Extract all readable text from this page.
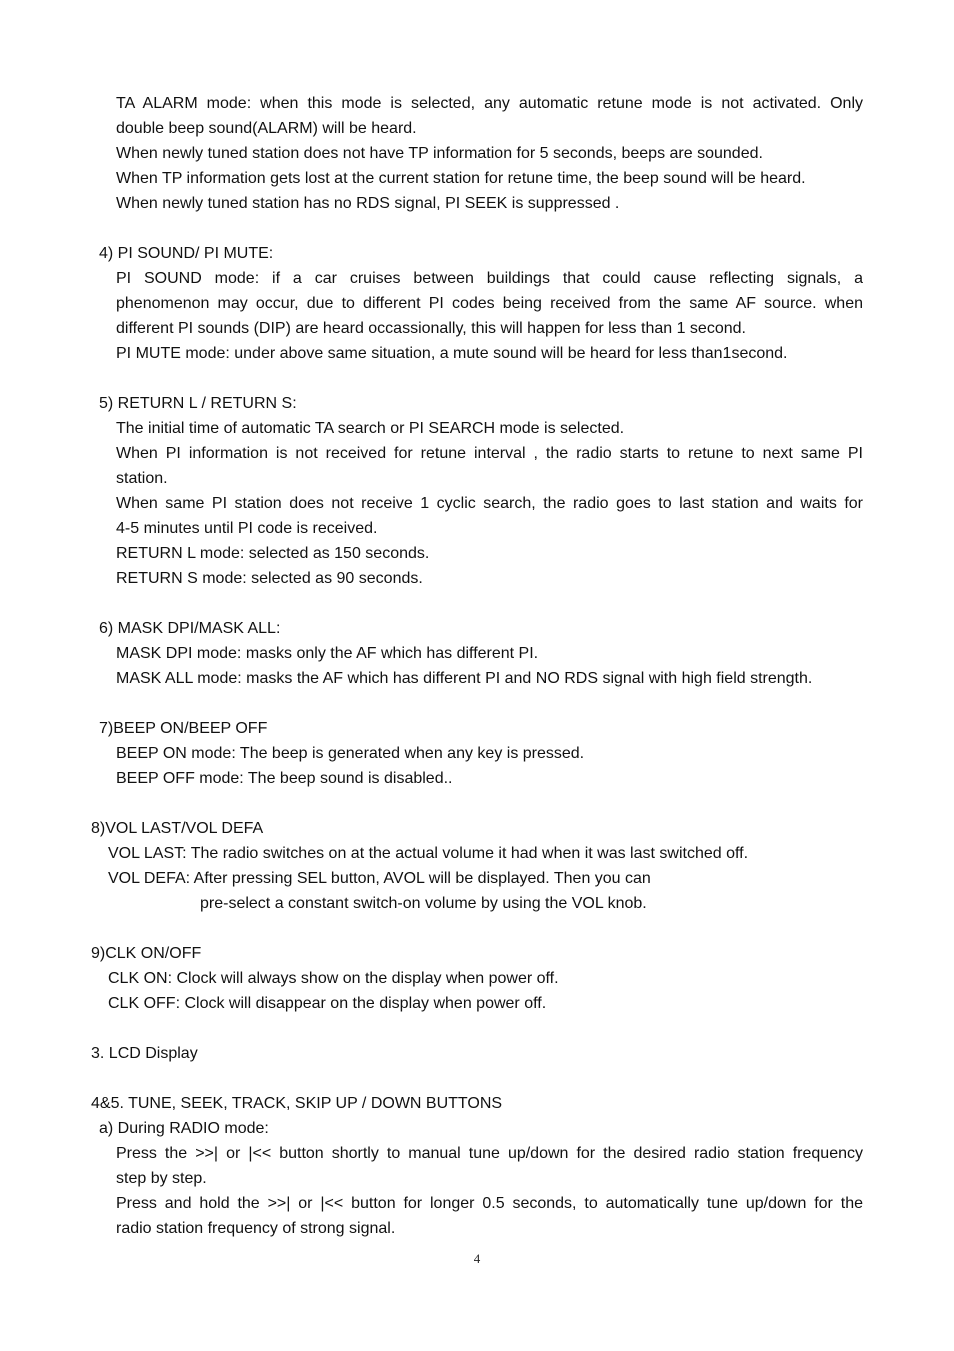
TA ALARM mode: when this mode is selected, any automatic retune mode is not activated. Only
double beep sound(ALARM) will be heard.
When newly tuned station does not have TP information for 5 seconds, beeps are sounded.
When TP information gets lost at the current station for retune time, the beep sound will be heard.
When newly tuned station has no RDS signal, PI SEEK is suppressed .
4) PI SOUND/ PI MUTE:
PI SOUND mode: if a car cruises between buildings that could cause reflecting signals, a
phenomenon may occur, due to different PI codes being received from the same AF source. when
different PI sounds (DIP) are heard occassionally, this will happen for less than 1 second.
PI MUTE mode: under above same situation, a mute sound will be heard for less than1second.
5) RETURN L / RETURN S:
The initial time of automatic TA search or PI SEARCH mode is selected.
When PI information is not received for retune interval , the radio starts to retune to next same PI
station.
When same PI station does not receive 1 cyclic search, the radio goes to last station and waits for
4-5 minutes until PI code is received.
RETURN L mode: selected as 150 seconds.
RETURN S mode: selected as 90 seconds.
6) MASK DPI/MASK ALL:
MASK DPI mode: masks only the AF which has different PI.
MASK ALL mode: masks the AF which has different PI and NO RDS signal with high field strength.
7)BEEP ON/BEEP OFF
BEEP ON mode: The beep is generated when any key is pressed.
BEEP OFF mode: The beep sound is disabled..
8)VOL LAST/VOL DEFA
VOL LAST: The radio switches on at the actual volume it had when it was last switched off.
VOL DEFA: After pressing SEL button, AVOL will be displayed. Then you can
pre-select a constant switch-on volume by using the VOL knob.
9)CLK ON/OFF
CLK ON: Clock will always show on the display when power off.
CLK OFF: Clock will disappear on the display when power off.
3. LCD Display
4&5. TUNE, SEEK, TRACK, SKIP UP / DOWN BUTTONS
a) During RADIO mode:
Press the >>| or |<< button shortly to manual tune up/down for the desired radio station frequency
step by step.
Press and hold the >>| or |<< button for longer 0.5 seconds, to automatically tune up/down for the
radio station frequency of strong signal.
4
